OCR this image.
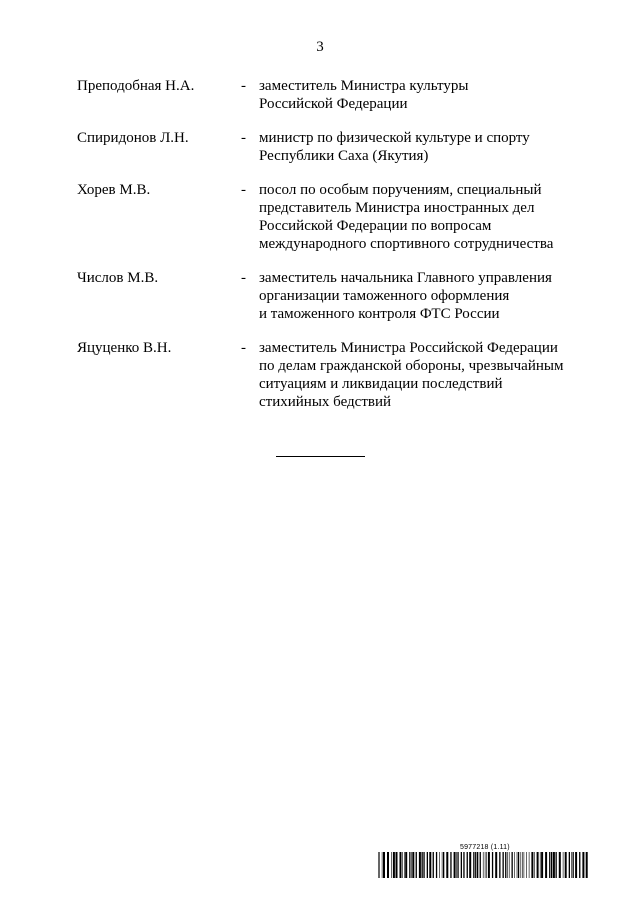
3
Преподобная Н.А.	- заместитель Министра культуры
Российской Федерации
Спиридонов Л.Н.	- министр по физической культуре и спорту
Республики Саха (Якутия)
Хорев М.В.	- посол по особым поручениям, специальный
представитель Министра иностранных дел
Российской Федерации по вопросам
международного спортивного сотрудничества
Числов М.В.	- заместитель начальника Главного управления
организации таможенного оформления
и таможенного контроля ФТС России
Яцуценко В.Н.	- заместитель Министра Российской Федерации
по делам гражданской обороны, чрезвычайным
ситуациям и ликвидации последствий
стихийных бедствий
5977218 (1.11)
